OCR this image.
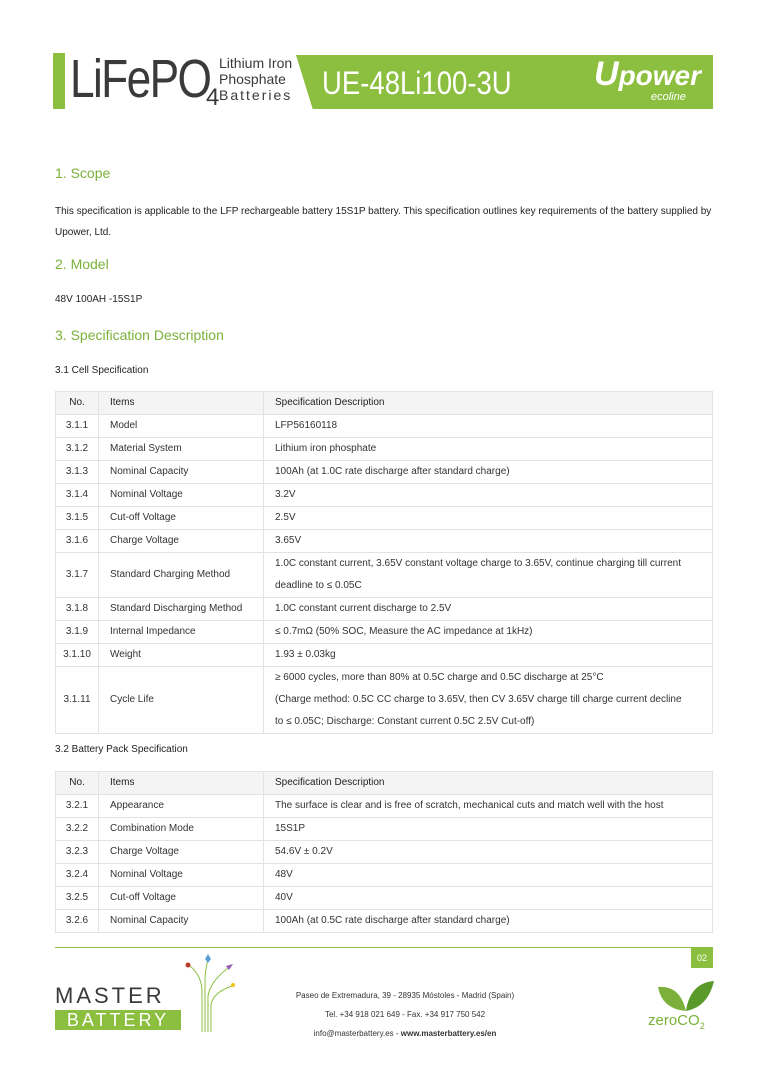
LiFePO
4
Lithium Iron
Phosphate
Batteries UE-48Li100-3U Upower
ecoline
1. Scope
This specification is applicable to the LFP rechargeable battery 15S1P battery. This specification outlines key requirements of the battery supplied by Upower, Ltd.
2. Model
48V 100AH -15S1P
3. Specification Description
3.1 Cell Specification
No.	Items	Specification Description
3.1.1	Model	LFP56160118
3.1.2	Material System	Lithium iron phosphate
3.1.3	Nominal Capacity	100Ah (at 1.0C rate discharge after standard charge)
3.1.4	Nominal Voltage	3.2V
3.1.5	Cut-off Voltage	2.5V
3.1.6	Charge Voltage	3.65V
3.1.7	Standard Charging Method	1.0C constant current, 3.65V constant voltage charge to 3.65V, continue charging till current deadline to ≤ 0.05C
3.1.8	Standard Discharging Method	1.0C constant current discharge to 2.5V
3.1.9	Internal Impedance	≤ 0.7mΩ (50% SOC, Measure the AC impedance at 1kHz)
3.1.10	Weight	1.93 ± 0.03kg
3.1.11	Cycle Life	≥ 6000 cycles, more than 80% at 0.5C charge and 0.5C discharge at 25°C
(Charge method: 0.5C CC charge to 3.65V, then CV 3.65V charge till charge current decline
to ≤ 0.05C; Discharge: Constant current 0.5C 2.5V Cut-off)
3.2 Battery Pack Specification
No.	Items	Specification Description
3.2.1	Appearance	The surface is clear and is free of scratch, mechanical cuts and match well with the host
3.2.2	Combination Mode	15S1P
3.2.3	Charge Voltage	54.6V ± 0.2V
3.2.4	Nominal Voltage	48V
3.2.5	Cut-off Voltage	40V
3.2.6	Nominal Capacity	100Ah (at 0.5C rate discharge after standard charge)
02
MASTER
BATTERY
Paseo de Extremadura, 39 - 28935 Móstoles - Madrid (Spain)
Tel. +34 918 021 649 - Fax. +34 917 750 542
info@masterbattery.es - www.masterbattery.es/en
zeroCO$_2$
